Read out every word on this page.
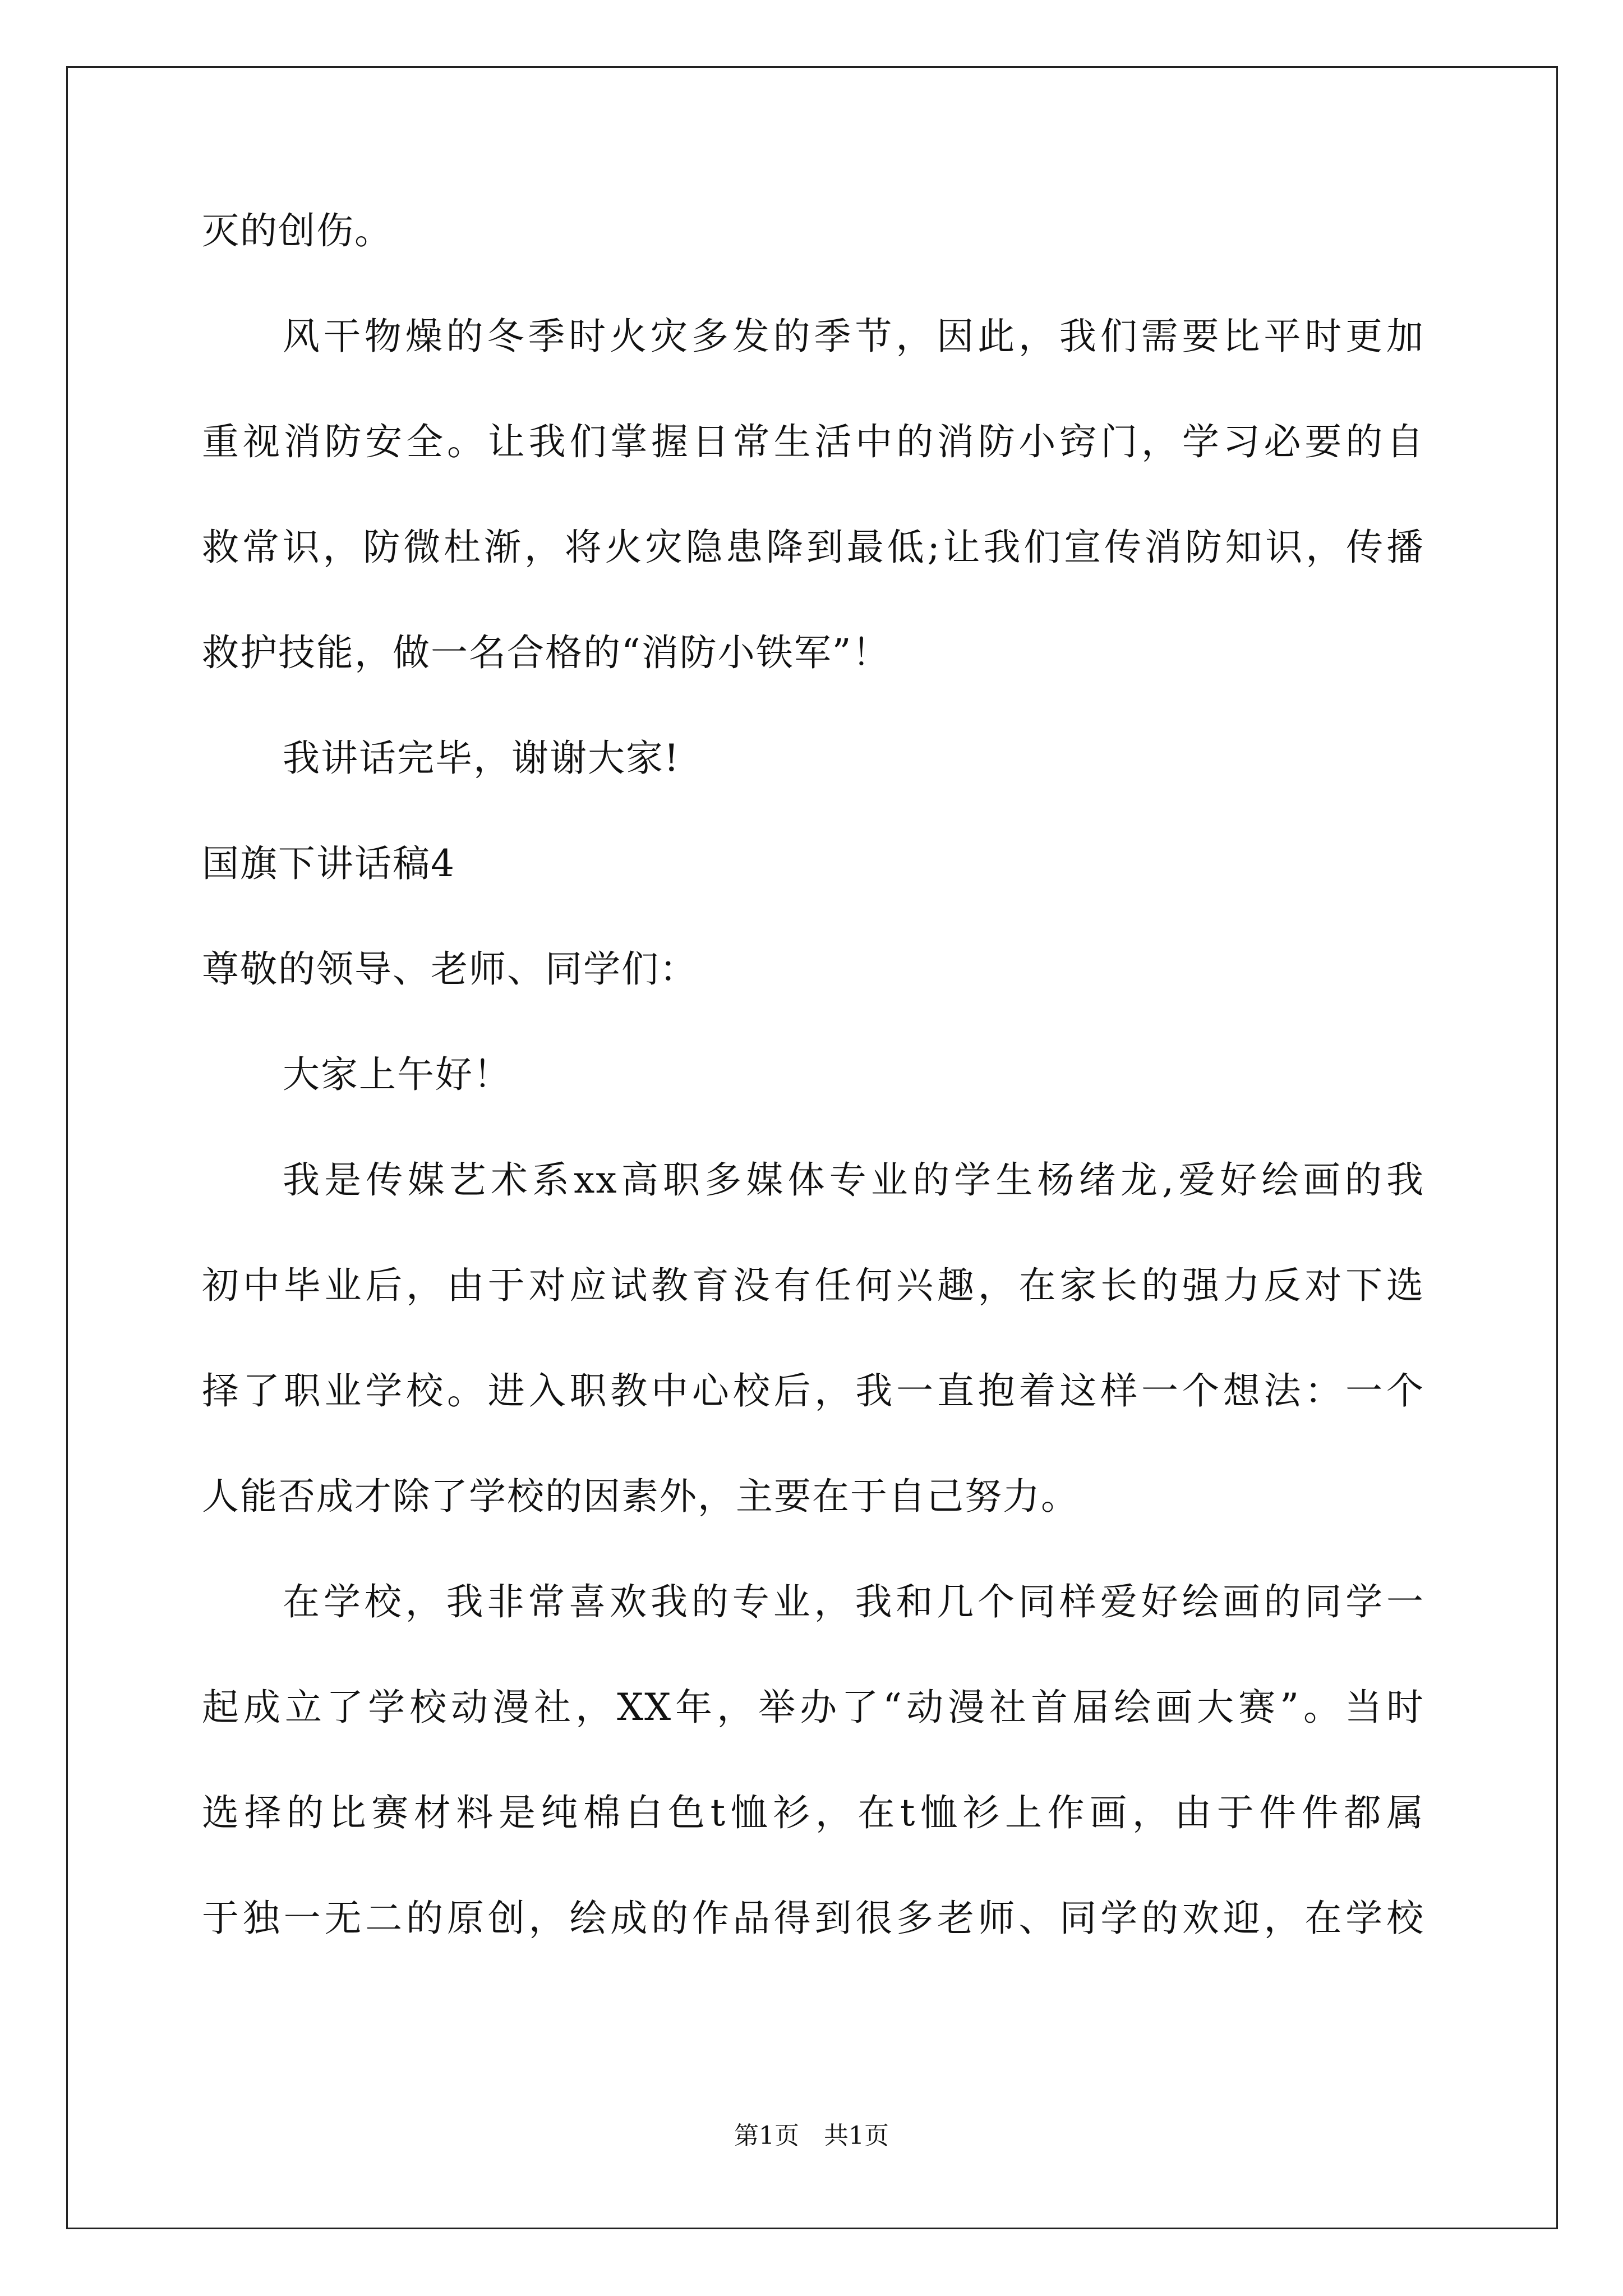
灭的创伤。

风干物燥的冬季时火灾多发的季节，因此，我们需要比平时更加

重视消防安全。让我们掌握日常生活中的消防小窍门，学习必要的自

救常识，防微杜渐，将火灾隐患降到最低;让我们宣传消防知识，传播

救护技能，做一名合格的“消防小铁军”！

我讲话完毕，谢谢大家!

国旗下讲话稿4

尊敬的领导、老师、同学们：

大家上午好！

我是传媒艺术系xx高职多媒体专业的学生杨绪龙,爱好绘画的我

初中毕业后，由于对应试教育没有任何兴趣，在家长的强力反对下选

择了职业学校。进入职教中心校后，我一直抱着这样一个想法：一个

人能否成才除了学校的因素外，主要在于自己努力。

在学校，我非常喜欢我的专业，我和几个同样爱好绘画的同学一

起成立了学校动漫社，XX年，举办了“动漫社首届绘画大赛”。当时

选择的比赛材料是纯棉白色t恤衫，在t恤衫上作画，由于件件都属

于独一无二的原创，绘成的作品得到很多老师、同学的欢迎，在学校

第1页　共1页
